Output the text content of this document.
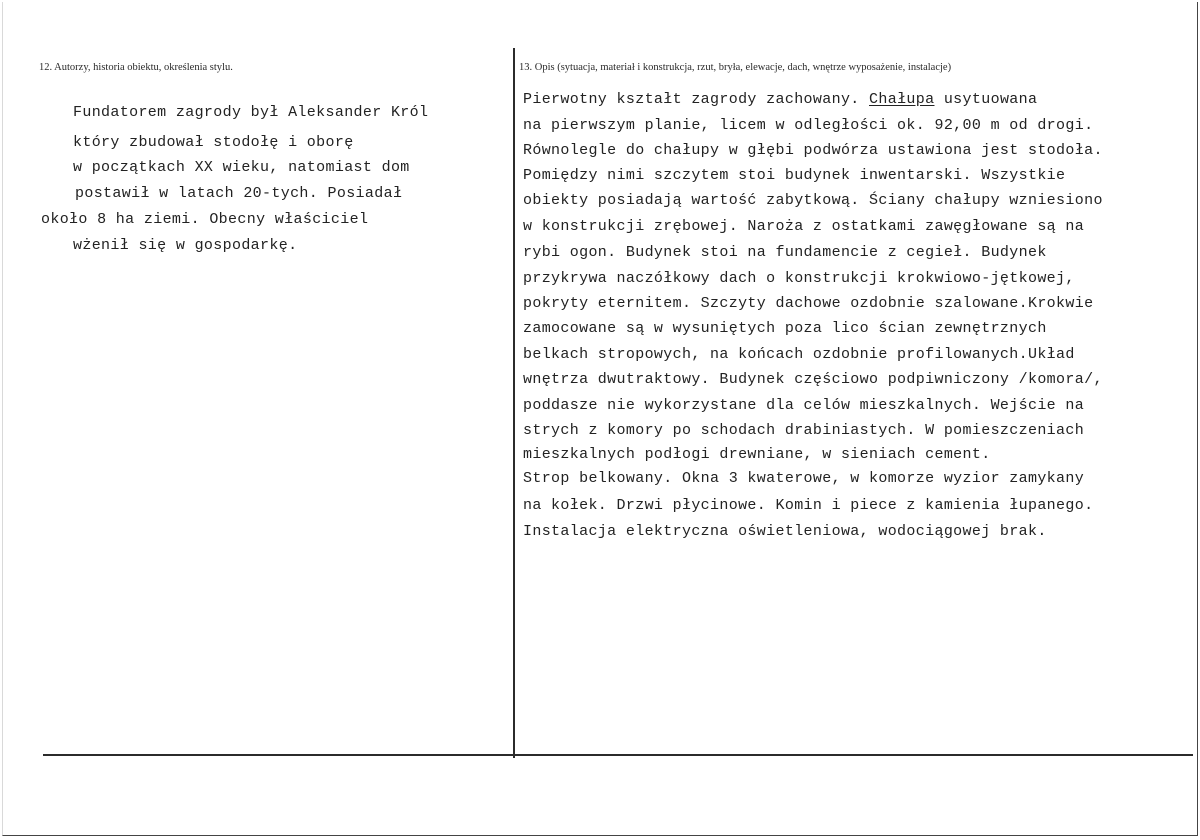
12. Autorzy, historia obiektu, określenia stylu.	13. Opis (sytuacja, materiał i konstrukcja, rzut, bryła, elewacje, dach, wnętrze wyposażenie, instalacje)
Fundatorem zagrody był Aleksander Król
który zbudował stodołę i oborę
w początkach XX wieku, natomiast dom
postawił w latach 20-tych. Posiadał
około 8 ha ziemi. Obecny właściciel
wżenił się w gospodarkę.
Pierwotny kształt zagrody zachowany. Chałupa usytuowana
na pierwszym planie, licem w odległości ok. 92,00 m od drogi.
Równolegle do chałupy w głębi podwórza ustawiona jest stodoła.
Pomiędzy nimi szczytem stoi budynek inwentarski. Wszystkie
obiekty posiadają wartość zabytkową. Ściany chałupy wzniesiono
w konstrukcji zrębowej. Naroża z ostatkami zawęgłowane są na
rybi ogon. Budynek stoi na fundamencie z cegieł. Budynek
przykrywa naczółkowy dach o konstrukcji krokwiowo-jętkowej,
pokryty eternitem. Szczyty dachowe ozdobnie szalowane.Krokwie
zamocowane są w wysuniętych poza lico ścian zewnętrznych
belkach stropowych, na końcach ozdobnie profilowanych.Układ
wnętrza dwutraktowy. Budynek częściowo podpiwniczony /komora/,
poddasze nie wykorzystane dla celów mieszkalnych. Wejście na
strych z komory po schodach drabiniastych. W pomieszczeniach
mieszkalnych podłogi drewniane, w sieniach cement.
Strop belkowany. Okna 3 kwaterowe, w komorze wyzior zamykany
na kołek. Drzwi płycinowe. Komin i piece z kamienia łupanego.
Instalacja elektryczna oświetleniowa, wodociągowej brak.
